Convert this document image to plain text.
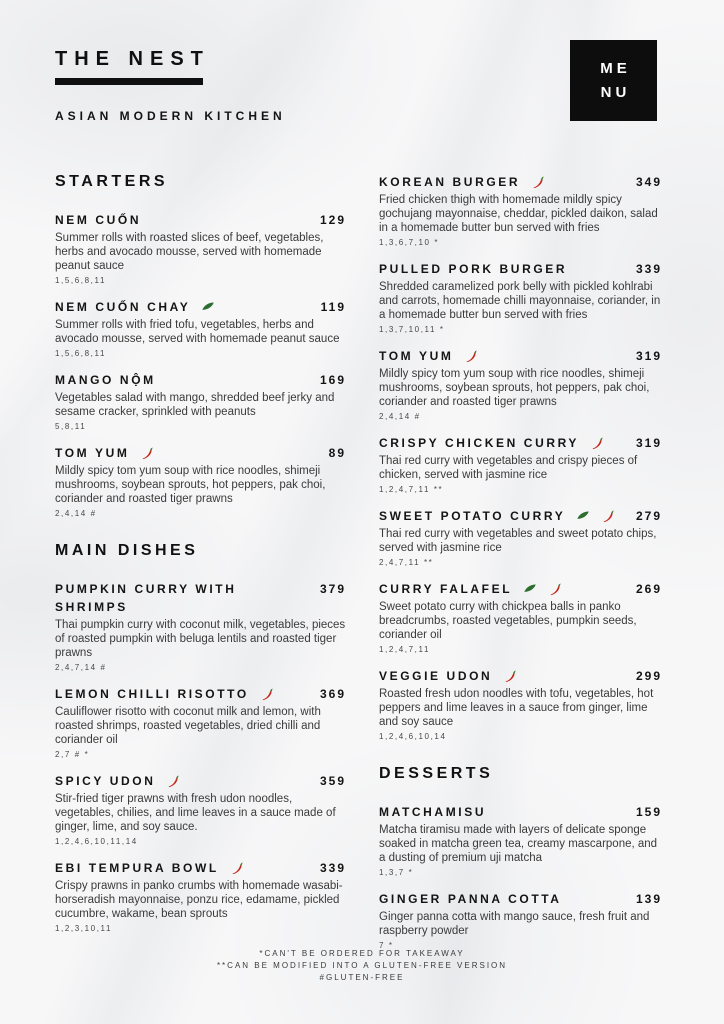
THE NEST
ASIAN MODERN KITCHEN
ME
NU
STARTERS
NEM CUỐN	129
Summer rolls with roasted slices of beef, vegetables, herbs and avocado mousse, served with homemade peanut sauce
1,5,6,8,11
NEM CUỐN CHAY	119
Summer rolls with fried tofu, vegetables, herbs and avocado mousse, served with homemade peanut sauce
1,5,6,8,11
MANGO NỘM	169
Vegetables salad with mango, shredded beef jerky and sesame cracker, sprinkled with peanuts
5,8,11
TOM YUM	89
Mildly spicy tom yum soup with rice noodles, shimeji mushrooms, soybean sprouts, hot peppers, pak choi, coriander and roasted tiger prawns
2,4,14 #
MAIN DISHES
PUMPKIN CURRY WITH SHRIMPS
379
Thai pumpkin curry with coconut milk, vegetables, pieces of roasted pumpkin with beluga lentils and roasted tiger prawns
2,4,7,14 #
LEMON CHILLI RISOTTO	369
Cauliflower risotto with coconut milk and lemon, with roasted shrimps, roasted vegetables, dried chilli and coriander oil
2,7 # *
SPICY UDON	359
Stir-fried tiger prawns with fresh udon noodles, vegetables, chilies, and lime leaves in a sauce made of ginger, lime, and soy sauce.
1,2,4,6,10,11,14
EBI TEMPURA BOWL	339
Crispy prawns in panko crumbs with homemade wasabi-horseradish mayonnaise, ponzu rice, edamame, pickled cucumbre, wakame, bean sprouts
1,2,3,10,11
KOREAN BURGER	349
Fried chicken thigh with homemade mildly spicy gochujang mayonnaise, cheddar, pickled daikon, salad in a homemade butter bun served with fries
1,3,6,7,10 *
PULLED PORK BURGER	339
Shredded caramelized pork belly with pickled kohlrabi and carrots, homemade chilli mayonnaise, coriander, in a homemade butter bun served with fries
1,3,7,10,11 *
TOM YUM	319
Mildly spicy tom yum soup with rice noodles, shimeji mushrooms, soybean sprouts, hot peppers, pak choi, coriander and roasted tiger prawns
2,4,14 #
CRISPY CHICKEN CURRY	319
Thai red curry with vegetables and crispy pieces of chicken, served with jasmine rice
1,2,4,7,11 **
SWEET POTATO CURRY	279
Thai red curry with vegetables and sweet potato chips, served with jasmine rice
2,4,7,11 **
CURRY FALAFEL	269
Sweet potato curry with chickpea balls in panko breadcrumbs, roasted vegetables, pumpkin seeds, coriander oil
1,2,4,7,11
VEGGIE UDON	299
Roasted fresh udon noodles with tofu, vegetables, hot peppers and lime leaves in a sauce from ginger, lime and soy sauce
1,2,4,6,10,14
DESSERTS
MATCHAMISU	159
Matcha tiramisu made with layers of delicate sponge soaked in matcha green tea, creamy mascarpone, and a dusting of premium uji matcha
1,3,7 *
GINGER PANNA COTTA	139
Ginger panna cotta with mango sauce, fresh fruit and raspberry powder
7 *
*CAN'T BE ORDERED FOR TAKEAWAY
**CAN BE MODIFIED INTO A GLUTEN-FREE VERSION
#GLUTEN-FREE
